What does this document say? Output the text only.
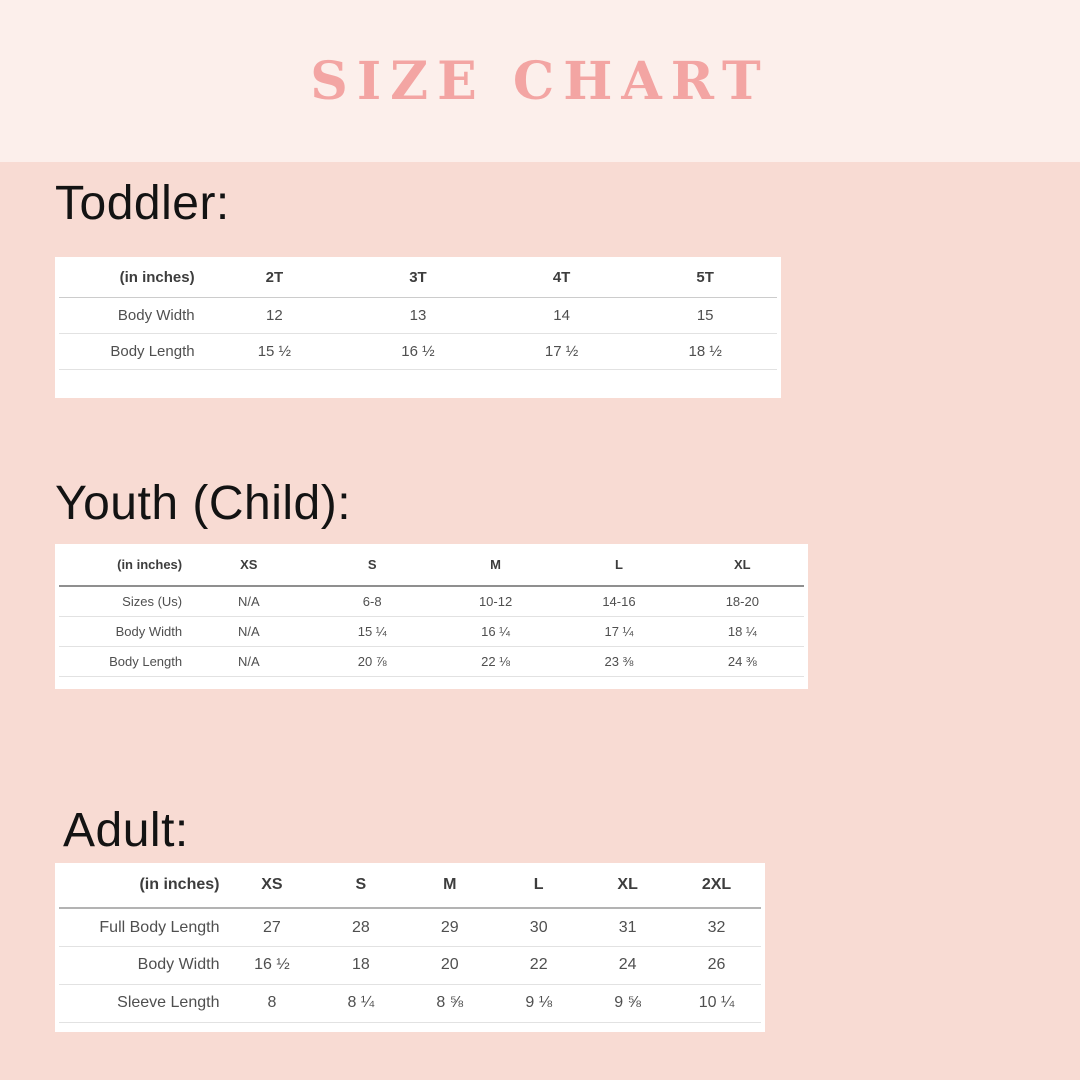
SIZE CHART
Toddler:
(in inches)	2T	3T	4T	5T
Body Width	12	13	14	15
Body Length	15 ½	16 ½	17 ½	18 ½
Youth (Child):
(in inches)	XS	S	M	L	XL
Sizes (Us)	N/A	6-8	10-12	14-16	18-20
Body Width	N/A	15 ¼	16 ¼	17 ¼	18 ¼
Body Length	N/A	20 ⅞	22 ⅛	23 ⅜	24 ⅜
Adult:
(in inches)	XS	S	M	L	XL	2XL
Full Body Length	27	28	29	30	31	32
Body Width	16 ½	18	20	22	24	26
Sleeve Length	8	8 ¼	8 ⅝	9 ⅛	9 ⅝	10 ¼
